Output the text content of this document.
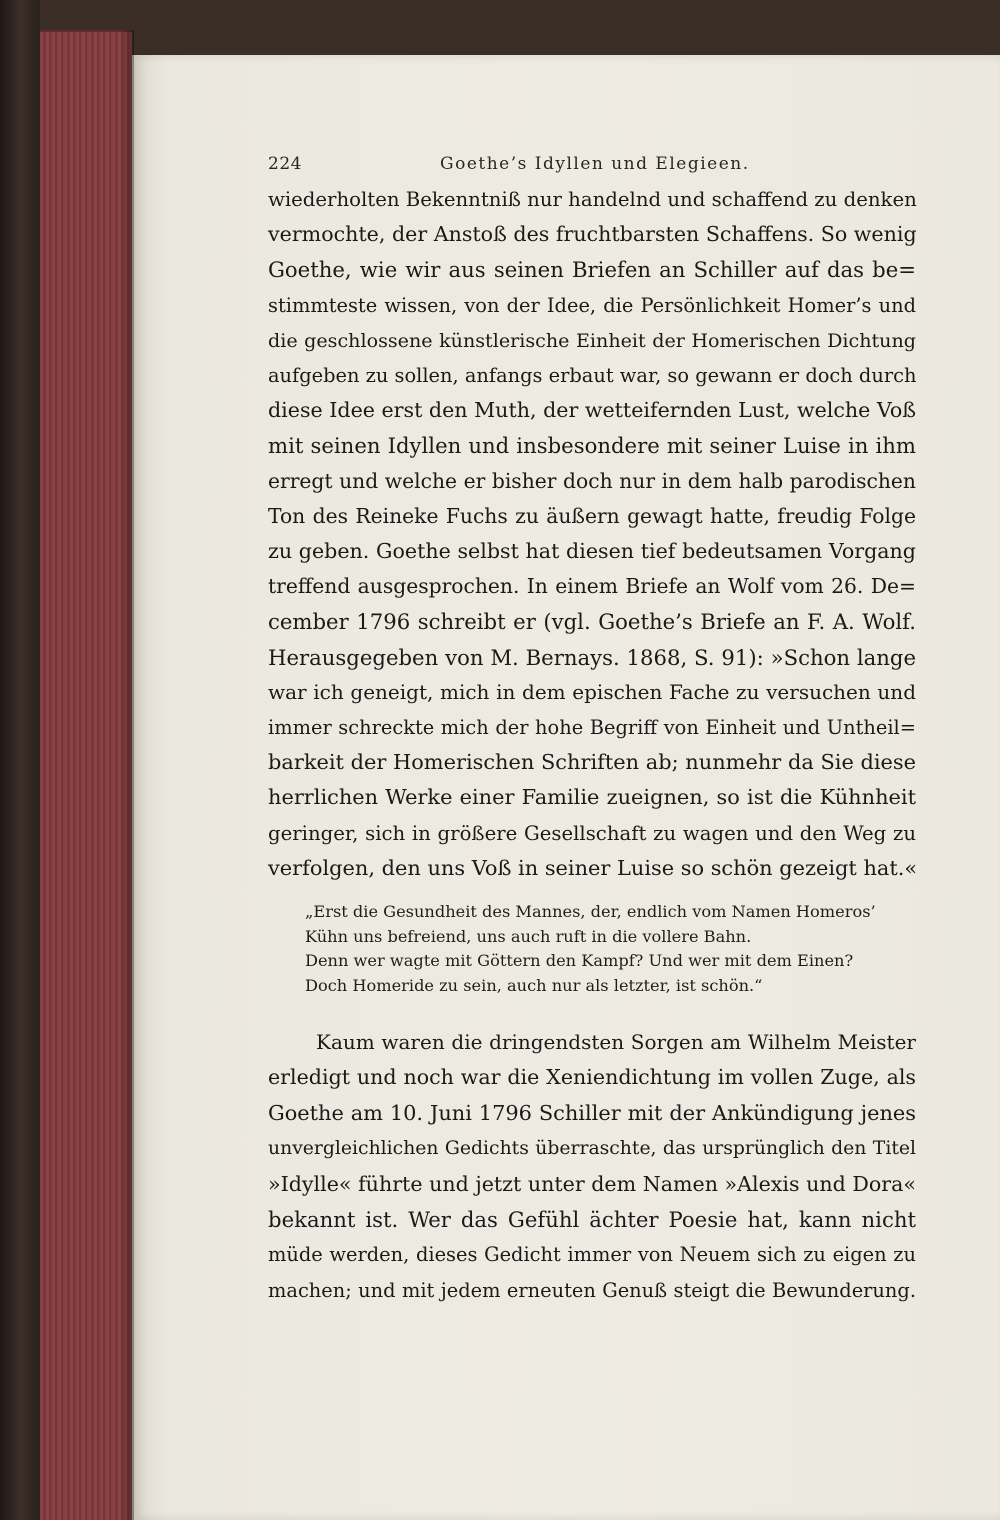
224	Goethe’s Idyllen und Elegieen.
wiederholten Bekenntniß nur handelnd und schaffend zu denken
vermochte, der Anstoß des fruchtbarsten Schaffens. So wenig
Goethe, wie wir aus seinen Briefen an Schiller auf das be=
stimmteste wissen, von der Idee, die Persönlichkeit Homer’s und
die geschlossene künstlerische Einheit der Homerischen Dichtung
aufgeben zu sollen, anfangs erbaut war, so gewann er doch durch
diese Idee erst den Muth, der wetteifernden Lust, welche Voß
mit seinen Idyllen und insbesondere mit seiner Luise in ihm
erregt und welche er bisher doch nur in dem halb parodischen
Ton des Reineke Fuchs zu äußern gewagt hatte, freudig Folge
zu geben. Goethe selbst hat diesen tief bedeutsamen Vorgang
treffend ausgesprochen. In einem Briefe an Wolf vom 26. De=
cember 1796 schreibt er (vgl. Goethe’s Briefe an F. A. Wolf.
Herausgegeben von M. Bernays. 1868, S. 91): »Schon lange
war ich geneigt, mich in dem epischen Fache zu versuchen und
immer schreckte mich der hohe Begriff von Einheit und Untheil=
barkeit der Homerischen Schriften ab; nunmehr da Sie diese
herrlichen Werke einer Familie zueignen, so ist die Kühnheit
geringer, sich in größere Gesellschaft zu wagen und den Weg zu
verfolgen, den uns Voß in seiner Luise so schön gezeigt hat.«
„Erst die Gesundheit des Mannes, der, endlich vom Namen Homeros’
Kühn uns befreiend, uns auch ruft in die vollere Bahn.
Denn wer wagte mit Göttern den Kampf? Und wer mit dem Einen?
Doch Homeride zu sein, auch nur als letzter, ist schön.“
Kaum waren die dringendsten Sorgen am Wilhelm Meister
erledigt und noch war die Xeniendichtung im vollen Zuge, als
Goethe am 10. Juni 1796 Schiller mit der Ankündigung jenes
unvergleichlichen Gedichts überraschte, das ursprünglich den Titel
»Idylle« führte und jetzt unter dem Namen »Alexis und Dora«
bekannt ist. Wer das Gefühl ächter Poesie hat, kann nicht
müde werden, dieses Gedicht immer von Neuem sich zu eigen zu
machen; und mit jedem erneuten Genuß steigt die Bewunderung.
